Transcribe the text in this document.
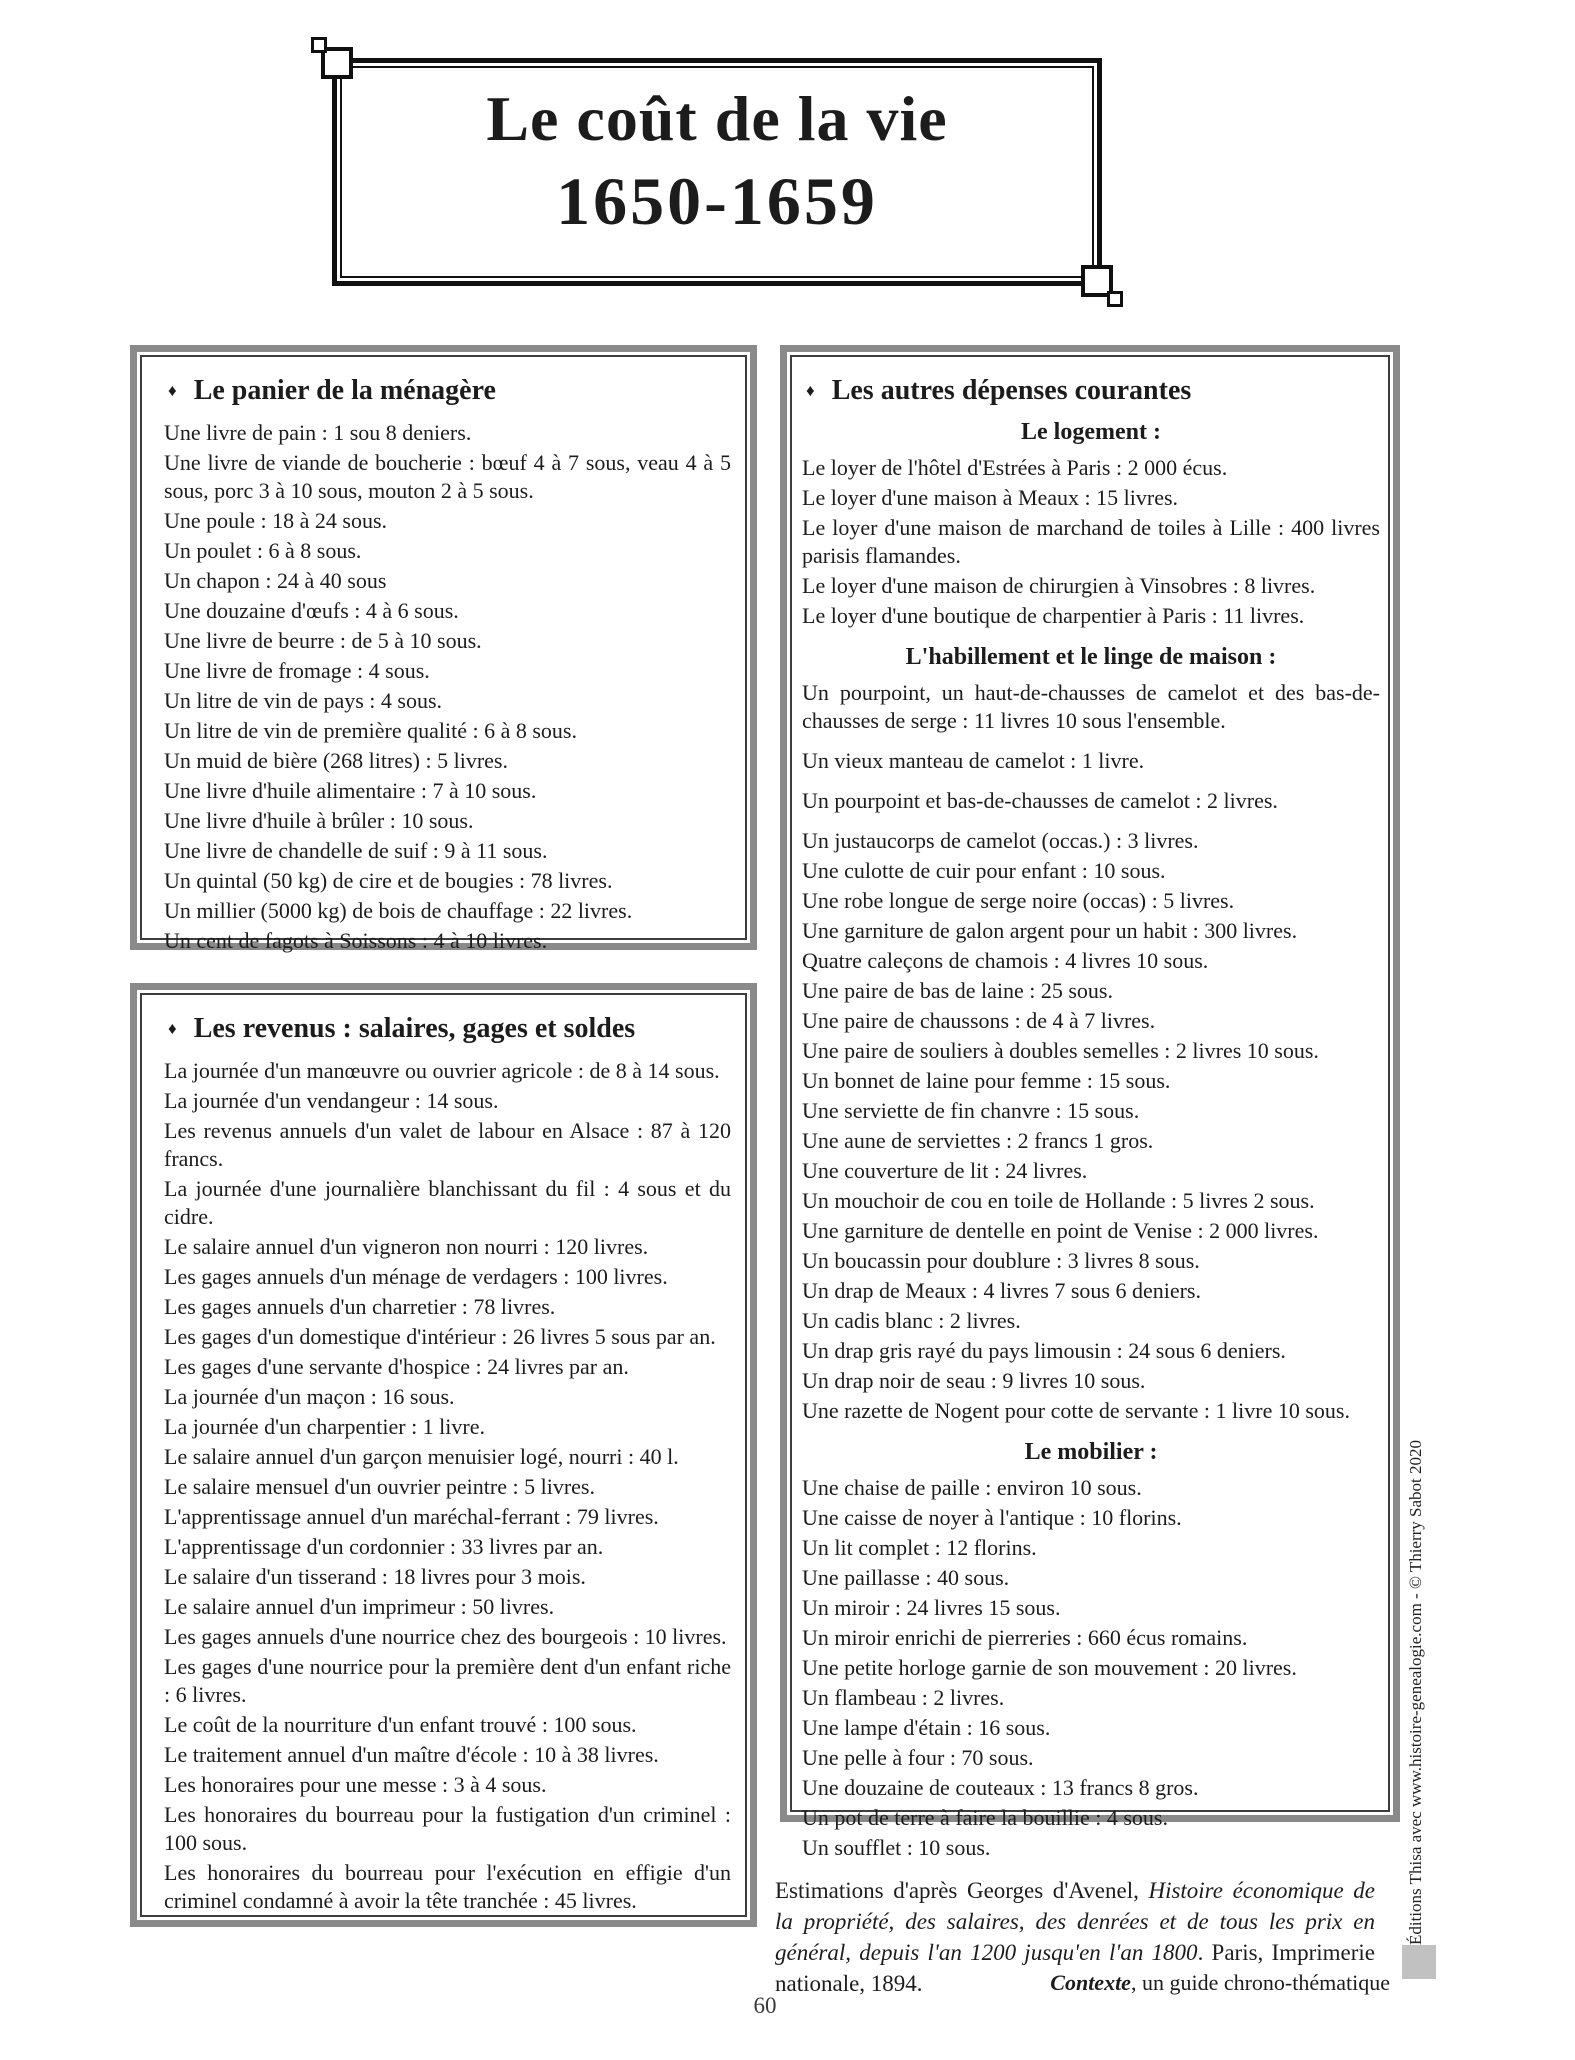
Le coût de la vie
1650-1659
♦ Le panier de la ménagère

Une livre de pain : 1 sou 8 deniers.

Une livre de viande de boucherie : bœuf 4 à 7 sous, veau 4 à 5 sous, porc 3 à 10 sous, mouton 2 à 5 sous.

Une poule : 18 à 24 sous.

Un poulet : 6 à 8 sous.

Un chapon : 24 à 40 sous

Une douzaine d'œufs : 4 à 6 sous.

Une livre de beurre : de 5 à 10 sous.

Une livre de fromage : 4 sous.

Un litre de vin de pays : 4 sous.

Un litre de vin de première qualité : 6 à 8 sous.

Un muid de bière (268 litres) : 5 livres.

Une livre d'huile alimentaire : 7 à 10 sous.

Une livre d'huile à brûler : 10 sous.

Une livre de chandelle de suif : 9 à 11 sous.

Un quintal (50 kg) de cire et de bougies : 78 livres.

Un millier (5000 kg) de bois de chauffage : 22 livres.

Un cent de fagots à Soissons : 4 à 10 livres.

♦ Les revenus : salaires, gages et soldes

La journée d'un manœuvre ou ouvrier agricole : de 8 à 14 sous.

La journée d'un vendangeur : 14 sous.

Les revenus annuels d'un valet de labour en Alsace : 87 à 120 francs.

La journée d'une journalière blanchissant du fil : 4 sous et du cidre.

Le salaire annuel d'un vigneron non nourri : 120 livres.

Les gages annuels d'un ménage de verdagers : 100 livres.

Les gages annuels d'un charretier : 78 livres.

Les gages d'un domestique d'intérieur : 26 livres 5 sous par an.

Les gages d'une servante d'hospice : 24 livres par an.

La journée d'un maçon : 16 sous.

La journée d'un charpentier : 1 livre.

Le salaire annuel d'un garçon menuisier logé, nourri : 40 l.

Le salaire mensuel d'un ouvrier peintre : 5 livres.

L'apprentissage annuel d'un maréchal-ferrant : 79 livres.

L'apprentissage d'un cordonnier : 33 livres par an.

Le salaire d'un tisserand : 18 livres pour 3 mois.

Le salaire annuel d'un imprimeur : 50 livres.

Les gages annuels d'une nourrice chez des bourgeois : 10 livres.

Les gages d'une nourrice pour la première dent d'un enfant riche : 6 livres.

Le coût de la nourriture d'un enfant trouvé : 100 sous.

Le traitement annuel d'un maître d'école : 10 à 38 livres.

Les honoraires pour une messe : 3 à 4 sous.

Les honoraires du bourreau pour la fustigation d'un criminel : 100 sous.

Les honoraires du bourreau pour l'exécution en effigie d'un criminel condamné à avoir la tête tranchée : 45 livres.

♦ Les autres dépenses courantes
Le logement :

Le loyer de l'hôtel d'Estrées à Paris : 2 000 écus.

Le loyer d'une maison à Meaux : 15 livres.

Le loyer d'une maison de marchand de toiles à Lille : 400 livres parisis flamandes.

Le loyer d'une maison de chirurgien à Vinsobres : 8 livres.

Le loyer d'une boutique de charpentier à Paris : 11 livres.

L'habillement et le linge de maison :

Un pourpoint, un haut-de-chausses de camelot et des bas-de-chausses de serge : 11 livres 10 sous l'ensemble.

Un vieux manteau de camelot : 1 livre.

Un pourpoint et bas-de-chausses de camelot : 2 livres.

Un justaucorps de camelot (occas.) : 3 livres.

Une culotte de cuir pour enfant : 10 sous.

Une robe longue de serge noire (occas) : 5 livres.

Une garniture de galon argent pour un habit : 300 livres.

Quatre caleçons de chamois : 4 livres 10 sous.

Une paire de bas de laine : 25 sous.

Une paire de chaussons : de 4 à 7 livres.

Une paire de souliers à doubles semelles : 2 livres 10 sous.

Un bonnet de laine pour femme : 15 sous.

Une serviette de fin chanvre : 15 sous.

Une aune de serviettes : 2 francs 1 gros.

Une couverture de lit : 24 livres.

Un mouchoir de cou en toile de Hollande : 5 livres 2 sous.

Une garniture de dentelle en point de Venise : 2 000 livres.

Un boucassin pour doublure : 3 livres 8 sous.

Un drap de Meaux : 4 livres 7 sous 6 deniers.

Un cadis blanc : 2 livres.

Un drap gris rayé du pays limousin : 24 sous 6 deniers.

Un drap noir de seau : 9 livres 10 sous.

Une razette de Nogent pour cotte de servante : 1 livre 10 sous.

Le mobilier :

Une chaise de paille : environ 10 sous.

Une caisse de noyer à l'antique : 10 florins.

Un lit complet : 12 florins.

Une paillasse : 40 sous.

Un miroir : 24 livres 15 sous.

Un miroir enrichi de pierreries : 660 écus romains.

Une petite horloge garnie de son mouvement : 20 livres.

Un flambeau : 2 livres.

Une lampe d'étain : 16 sous.

Une pelle à four : 70 sous.

Une douzaine de couteaux : 13 francs 8 gros.

Un pot de terre à faire la bouillie : 4 sous.

Un soufflet : 10 sous.

Estimations d'après Georges d'Avenel, Histoire économique de la propriété, des salaires, des denrées et de tous les prix en général, depuis l'an 1200 jusqu'en l'an 1800. Paris, Imprimerie nationale, 1894.	Contexte, un guide chrono-thématique

Éditions Thisa avec www.histoire-genealogie.com - © Thierry Sabot 2020
60
